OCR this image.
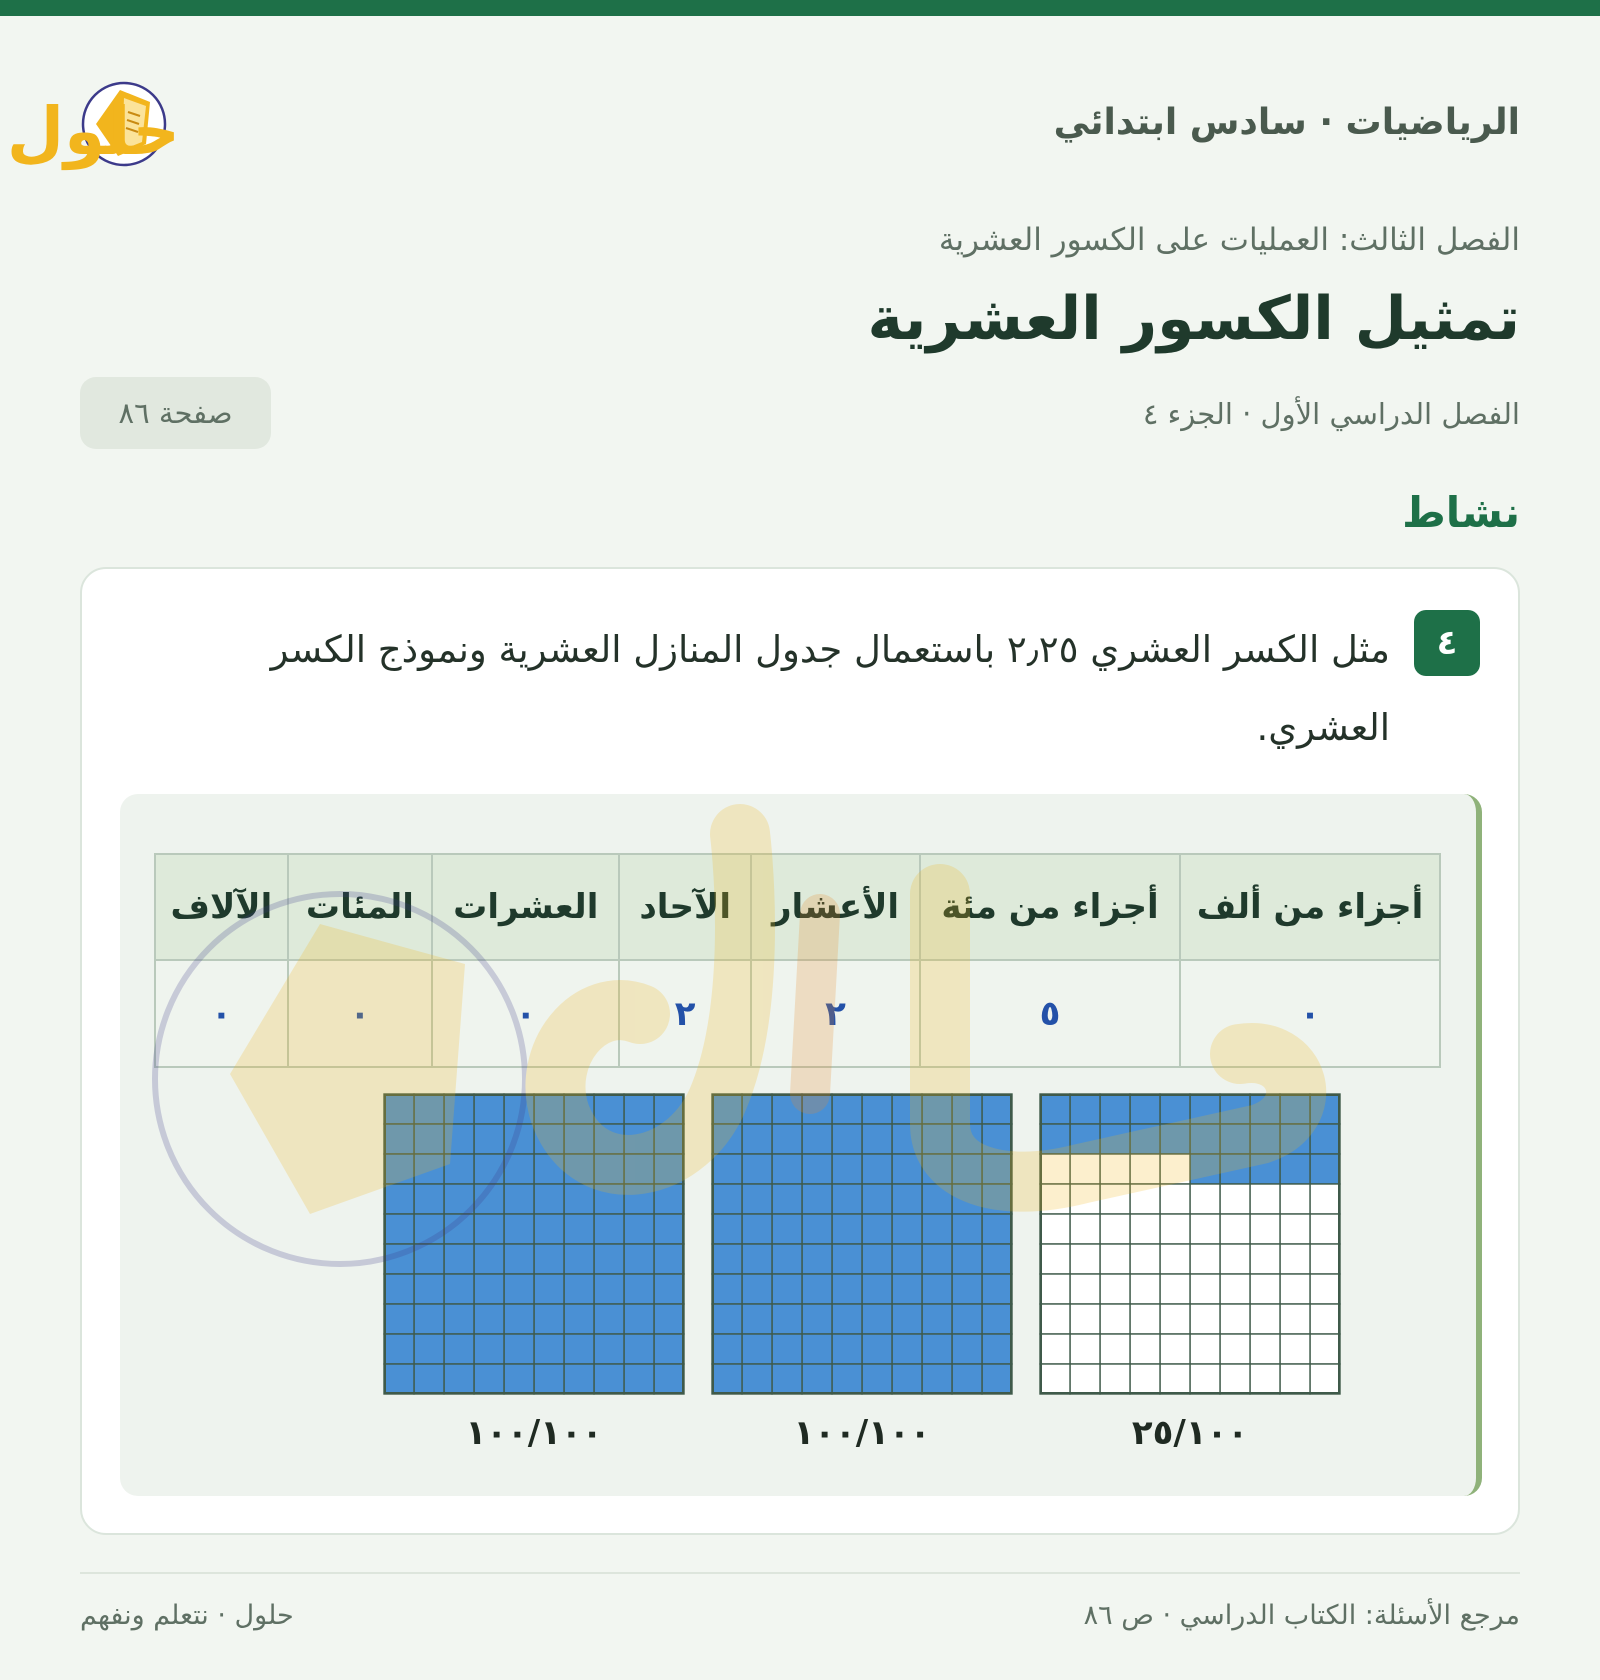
الرياضيات · سادس ابتدائي
حلول
الفصل الثالث: العمليات على الكسور العشرية
تمثيل الكسور العشرية
الفصل الدراسي الأول · الجزء ٤
صفحة ٨٦
نشاط
٤
مثل الكسر العشري ٢٫٢٥ باستعمال جدول المنازل العشرية ونموذج الكسر العشري.
أجزاء من ألف	أجزاء من مئة	الأعشار	الآحاد	العشرات	المئات	الآلاف
٠	٥	٢	٢	٠	٠	٠
٢٥/١٠٠
١٠٠/١٠٠
١٠٠/١٠٠
مرجع الأسئلة: الكتاب الدراسي · ص ٨٦
حلول · نتعلم ونفهم
